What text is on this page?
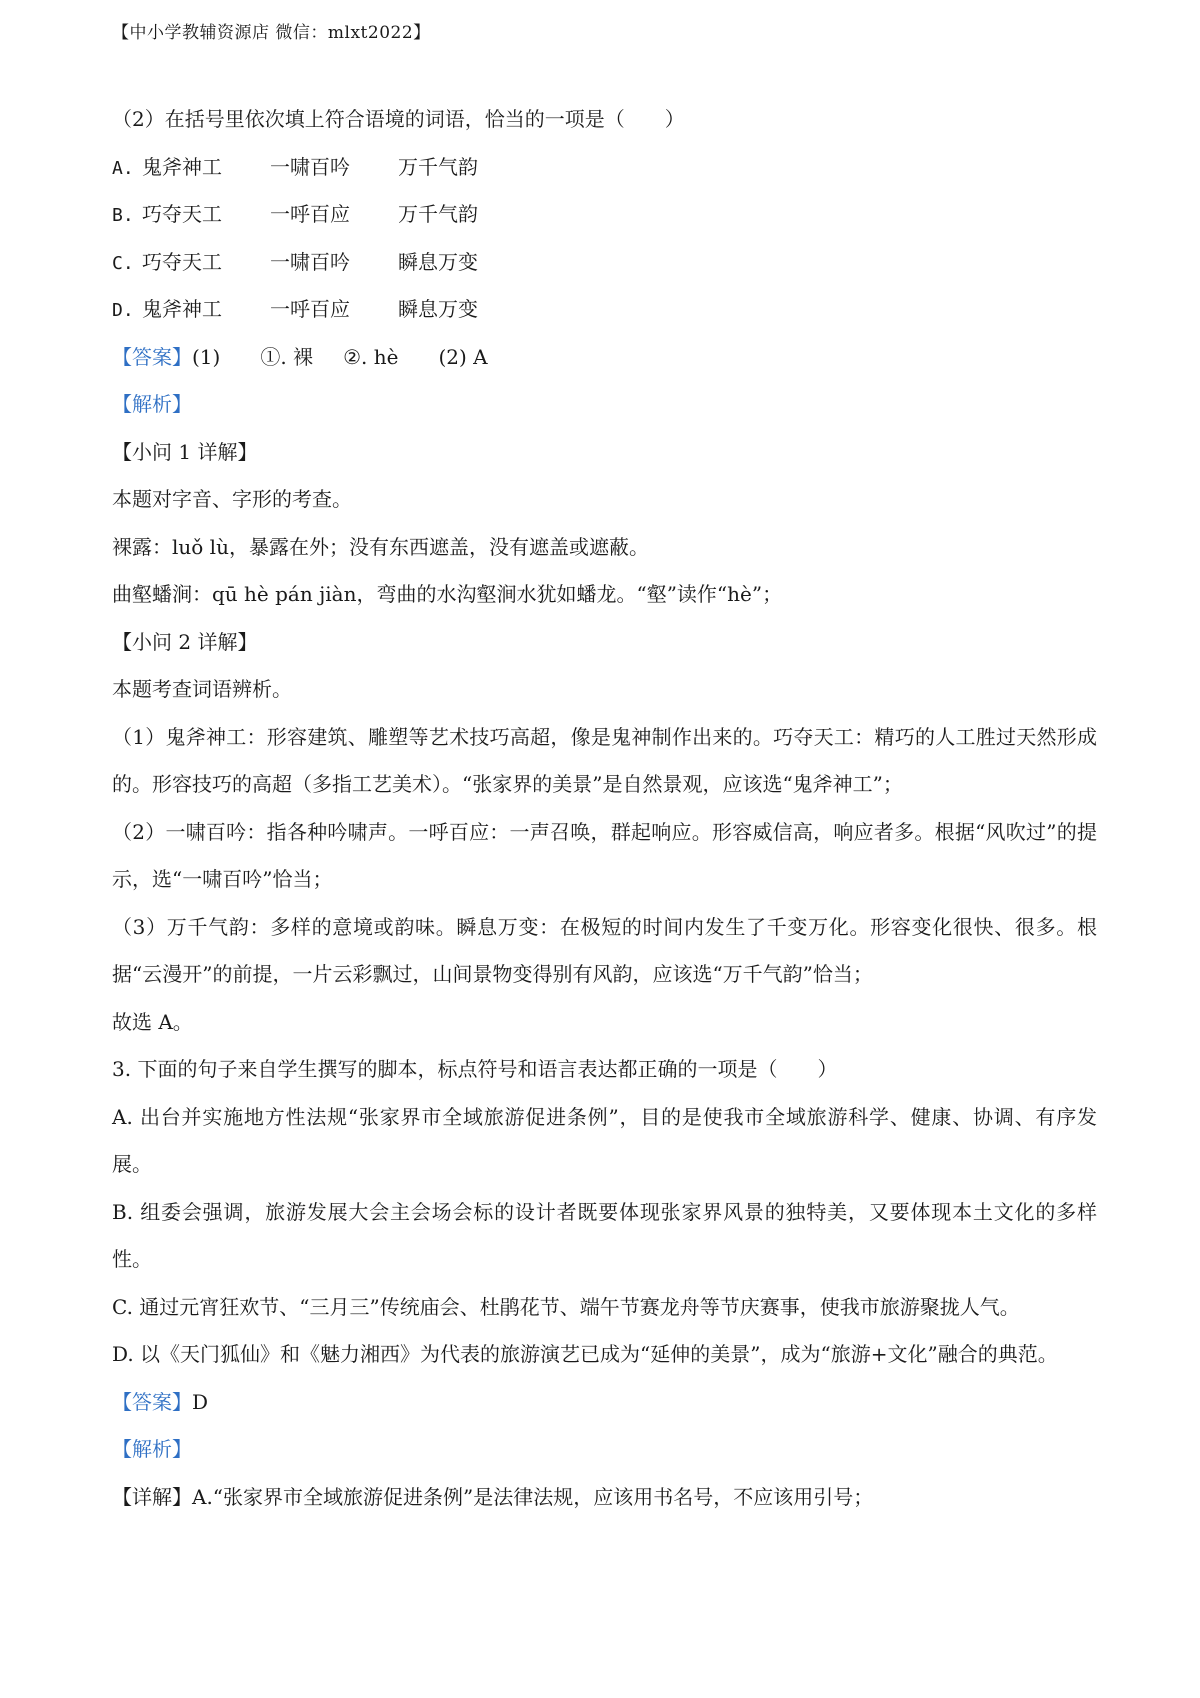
【中小学教辅资源店 微信：mlxt2022】
（2）在括号里依次填上符合语境的词语，恰当的一项是（　　）
A. 鬼斧神工 一啸百吟 万千气韵
B. 巧夺天工 一呼百应 万千气韵
C. 巧夺天工 一啸百吟 瞬息万变
D. 鬼斧神工 一呼百应 瞬息万变
【答案】(1) ①. 裸 ②. hè (2) A
【解析】
【小问 1 详解】
本题对字音、字形的考查。
裸露：luǒ lù，暴露在外；没有东西遮盖，没有遮盖或遮蔽。
曲壑蟠涧：qū hè pán jiàn，弯曲的水沟壑涧水犹如蟠龙。“壑”读作“hè”；
【小问 2 详解】
本题考查词语辨析。
（1）鬼斧神工：形容建筑、雕塑等艺术技巧高超，像是鬼神制作出来的。巧夺天工：精巧的人工胜过天然形成的。形容技巧的高超（多指工艺美术）。“张家界的美景”是自然景观，应该选“鬼斧神工”；
（2）一啸百吟：指各种吟啸声。一呼百应：一声召唤，群起响应。形容威信高，响应者多。根据“风吹过”的提示，选“一啸百吟”恰当；
（3）万千气韵：多样的意境或韵味。瞬息万变：在极短的时间内发生了千变万化。形容变化很快、很多。根据“云漫开”的前提，一片云彩飘过，山间景物变得别有风韵，应该选“万千气韵”恰当；
故选 A。
3. 下面的句子来自学生撰写的脚本，标点符号和语言表达都正确的一项是（　　）
A. 出台并实施地方性法规“张家界市全域旅游促进条例”，目的是使我市全域旅游科学、健康、协调、有序发展。
B. 组委会强调，旅游发展大会主会场会标的设计者既要体现张家界风景的独特美，又要体现本土文化的多样性。
C. 通过元宵狂欢节、“三月三”传统庙会、杜鹃花节、端午节赛龙舟等节庆赛事，使我市旅游聚拢人气。
D. 以《天门狐仙》和《魅力湘西》为代表的旅游演艺已成为“延伸的美景”，成为“旅游+文化”融合的典范。
【答案】D
【解析】
【详解】A.“张家界市全域旅游促进条例”是法律法规，应该用书名号，不应该用引号；
